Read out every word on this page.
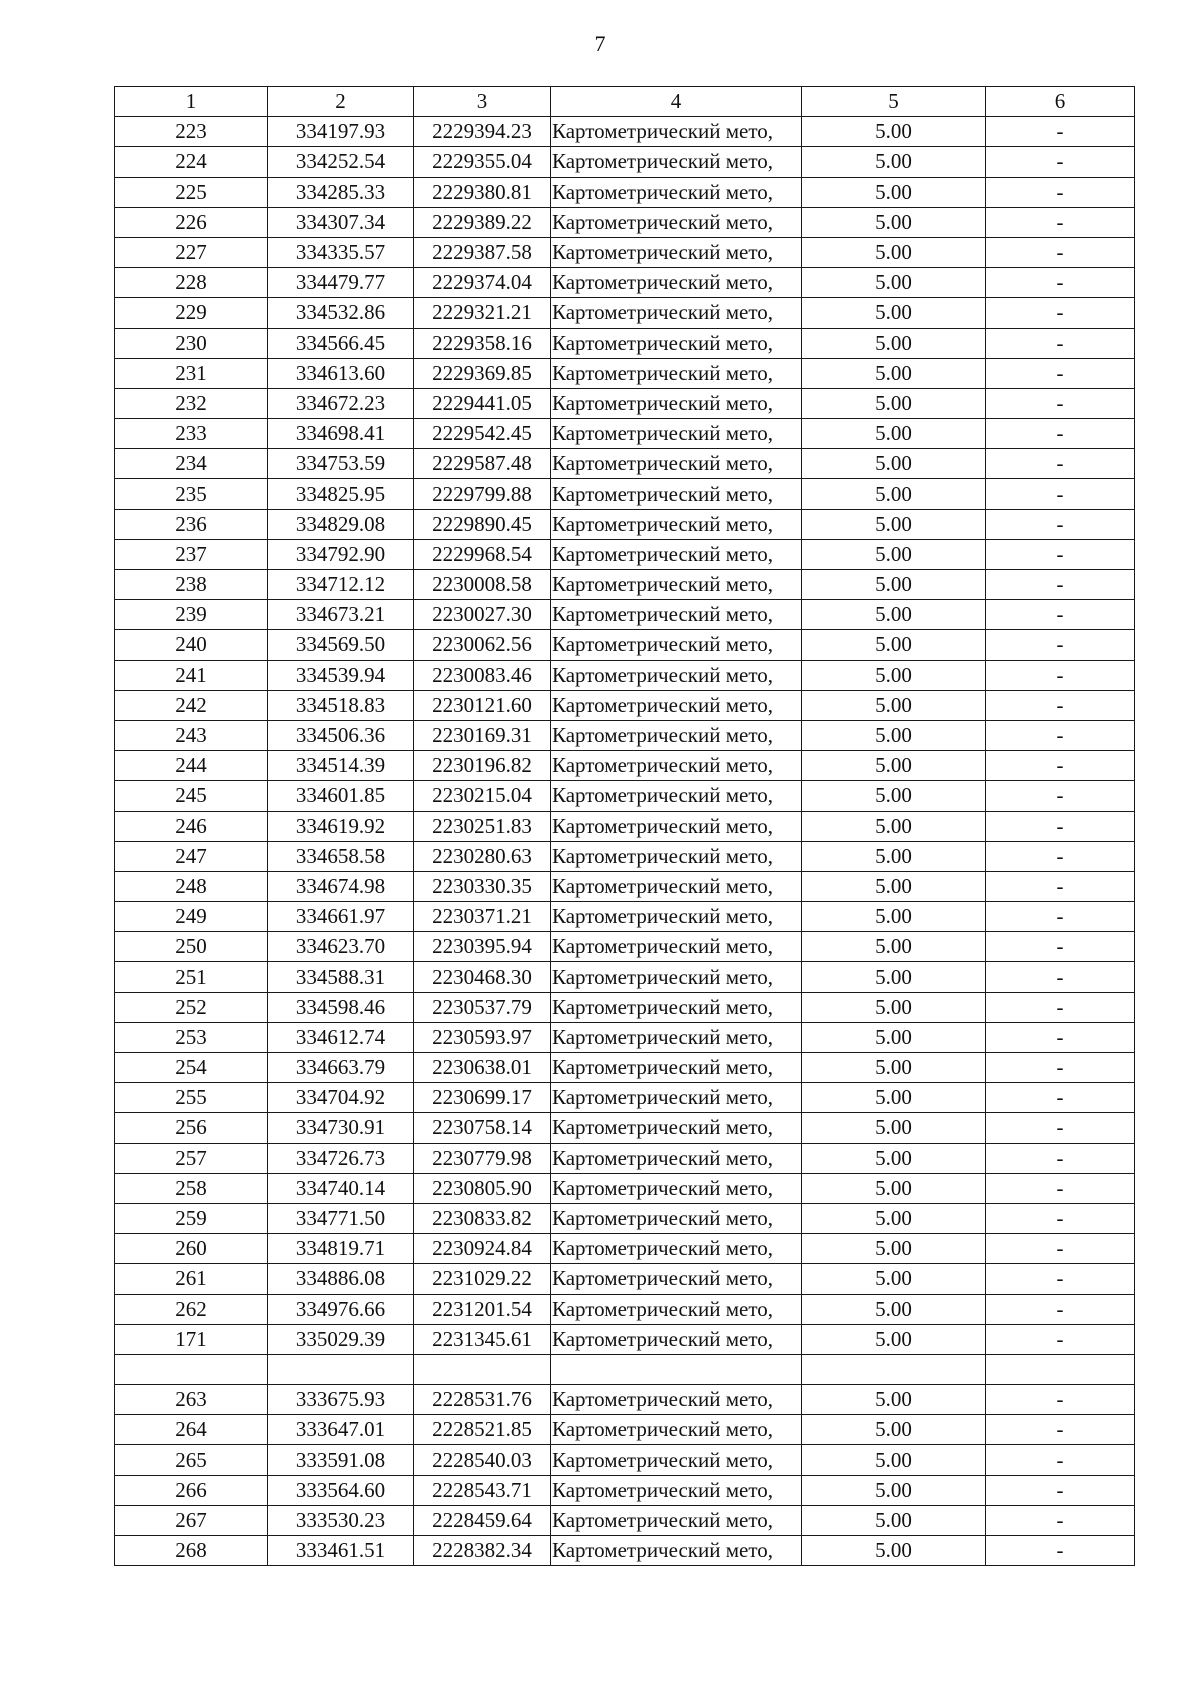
7
1	2	3	4	5	6
223	334197.93	2229394.23	Картометрический мето,	5.00	-
224	334252.54	2229355.04	Картометрический мето,	5.00	-
225	334285.33	2229380.81	Картометрический мето,	5.00	-
226	334307.34	2229389.22	Картометрический мето,	5.00	-
227	334335.57	2229387.58	Картометрический мето,	5.00	-
228	334479.77	2229374.04	Картометрический мето,	5.00	-
229	334532.86	2229321.21	Картометрический мето,	5.00	-
230	334566.45	2229358.16	Картометрический мето,	5.00	-
231	334613.60	2229369.85	Картометрический мето,	5.00	-
232	334672.23	2229441.05	Картометрический мето,	5.00	-
233	334698.41	2229542.45	Картометрический мето,	5.00	-
234	334753.59	2229587.48	Картометрический мето,	5.00	-
235	334825.95	2229799.88	Картометрический мето,	5.00	-
236	334829.08	2229890.45	Картометрический мето,	5.00	-
237	334792.90	2229968.54	Картометрический мето,	5.00	-
238	334712.12	2230008.58	Картометрический мето,	5.00	-
239	334673.21	2230027.30	Картометрический мето,	5.00	-
240	334569.50	2230062.56	Картометрический мето,	5.00	-
241	334539.94	2230083.46	Картометрический мето,	5.00	-
242	334518.83	2230121.60	Картометрический мето,	5.00	-
243	334506.36	2230169.31	Картометрический мето,	5.00	-
244	334514.39	2230196.82	Картометрический мето,	5.00	-
245	334601.85	2230215.04	Картометрический мето,	5.00	-
246	334619.92	2230251.83	Картометрический мето,	5.00	-
247	334658.58	2230280.63	Картометрический мето,	5.00	-
248	334674.98	2230330.35	Картометрический мето,	5.00	-
249	334661.97	2230371.21	Картометрический мето,	5.00	-
250	334623.70	2230395.94	Картометрический мето,	5.00	-
251	334588.31	2230468.30	Картометрический мето,	5.00	-
252	334598.46	2230537.79	Картометрический мето,	5.00	-
253	334612.74	2230593.97	Картометрический мето,	5.00	-
254	334663.79	2230638.01	Картометрический мето,	5.00	-
255	334704.92	2230699.17	Картометрический мето,	5.00	-
256	334730.91	2230758.14	Картометрический мето,	5.00	-
257	334726.73	2230779.98	Картометрический мето,	5.00	-
258	334740.14	2230805.90	Картометрический мето,	5.00	-
259	334771.50	2230833.82	Картометрический мето,	5.00	-
260	334819.71	2230924.84	Картометрический мето,	5.00	-
261	334886.08	2231029.22	Картометрический мето,	5.00	-
262	334976.66	2231201.54	Картометрический мето,	5.00	-
171	335029.39	2231345.61	Картометрический мето,	5.00	-

263	333675.93	2228531.76	Картометрический мето,	5.00	-
264	333647.01	2228521.85	Картометрический мето,	5.00	-
265	333591.08	2228540.03	Картометрический мето,	5.00	-
266	333564.60	2228543.71	Картометрический мето,	5.00	-
267	333530.23	2228459.64	Картометрический мето,	5.00	-
268	333461.51	2228382.34	Картометрический мето,	5.00	-
